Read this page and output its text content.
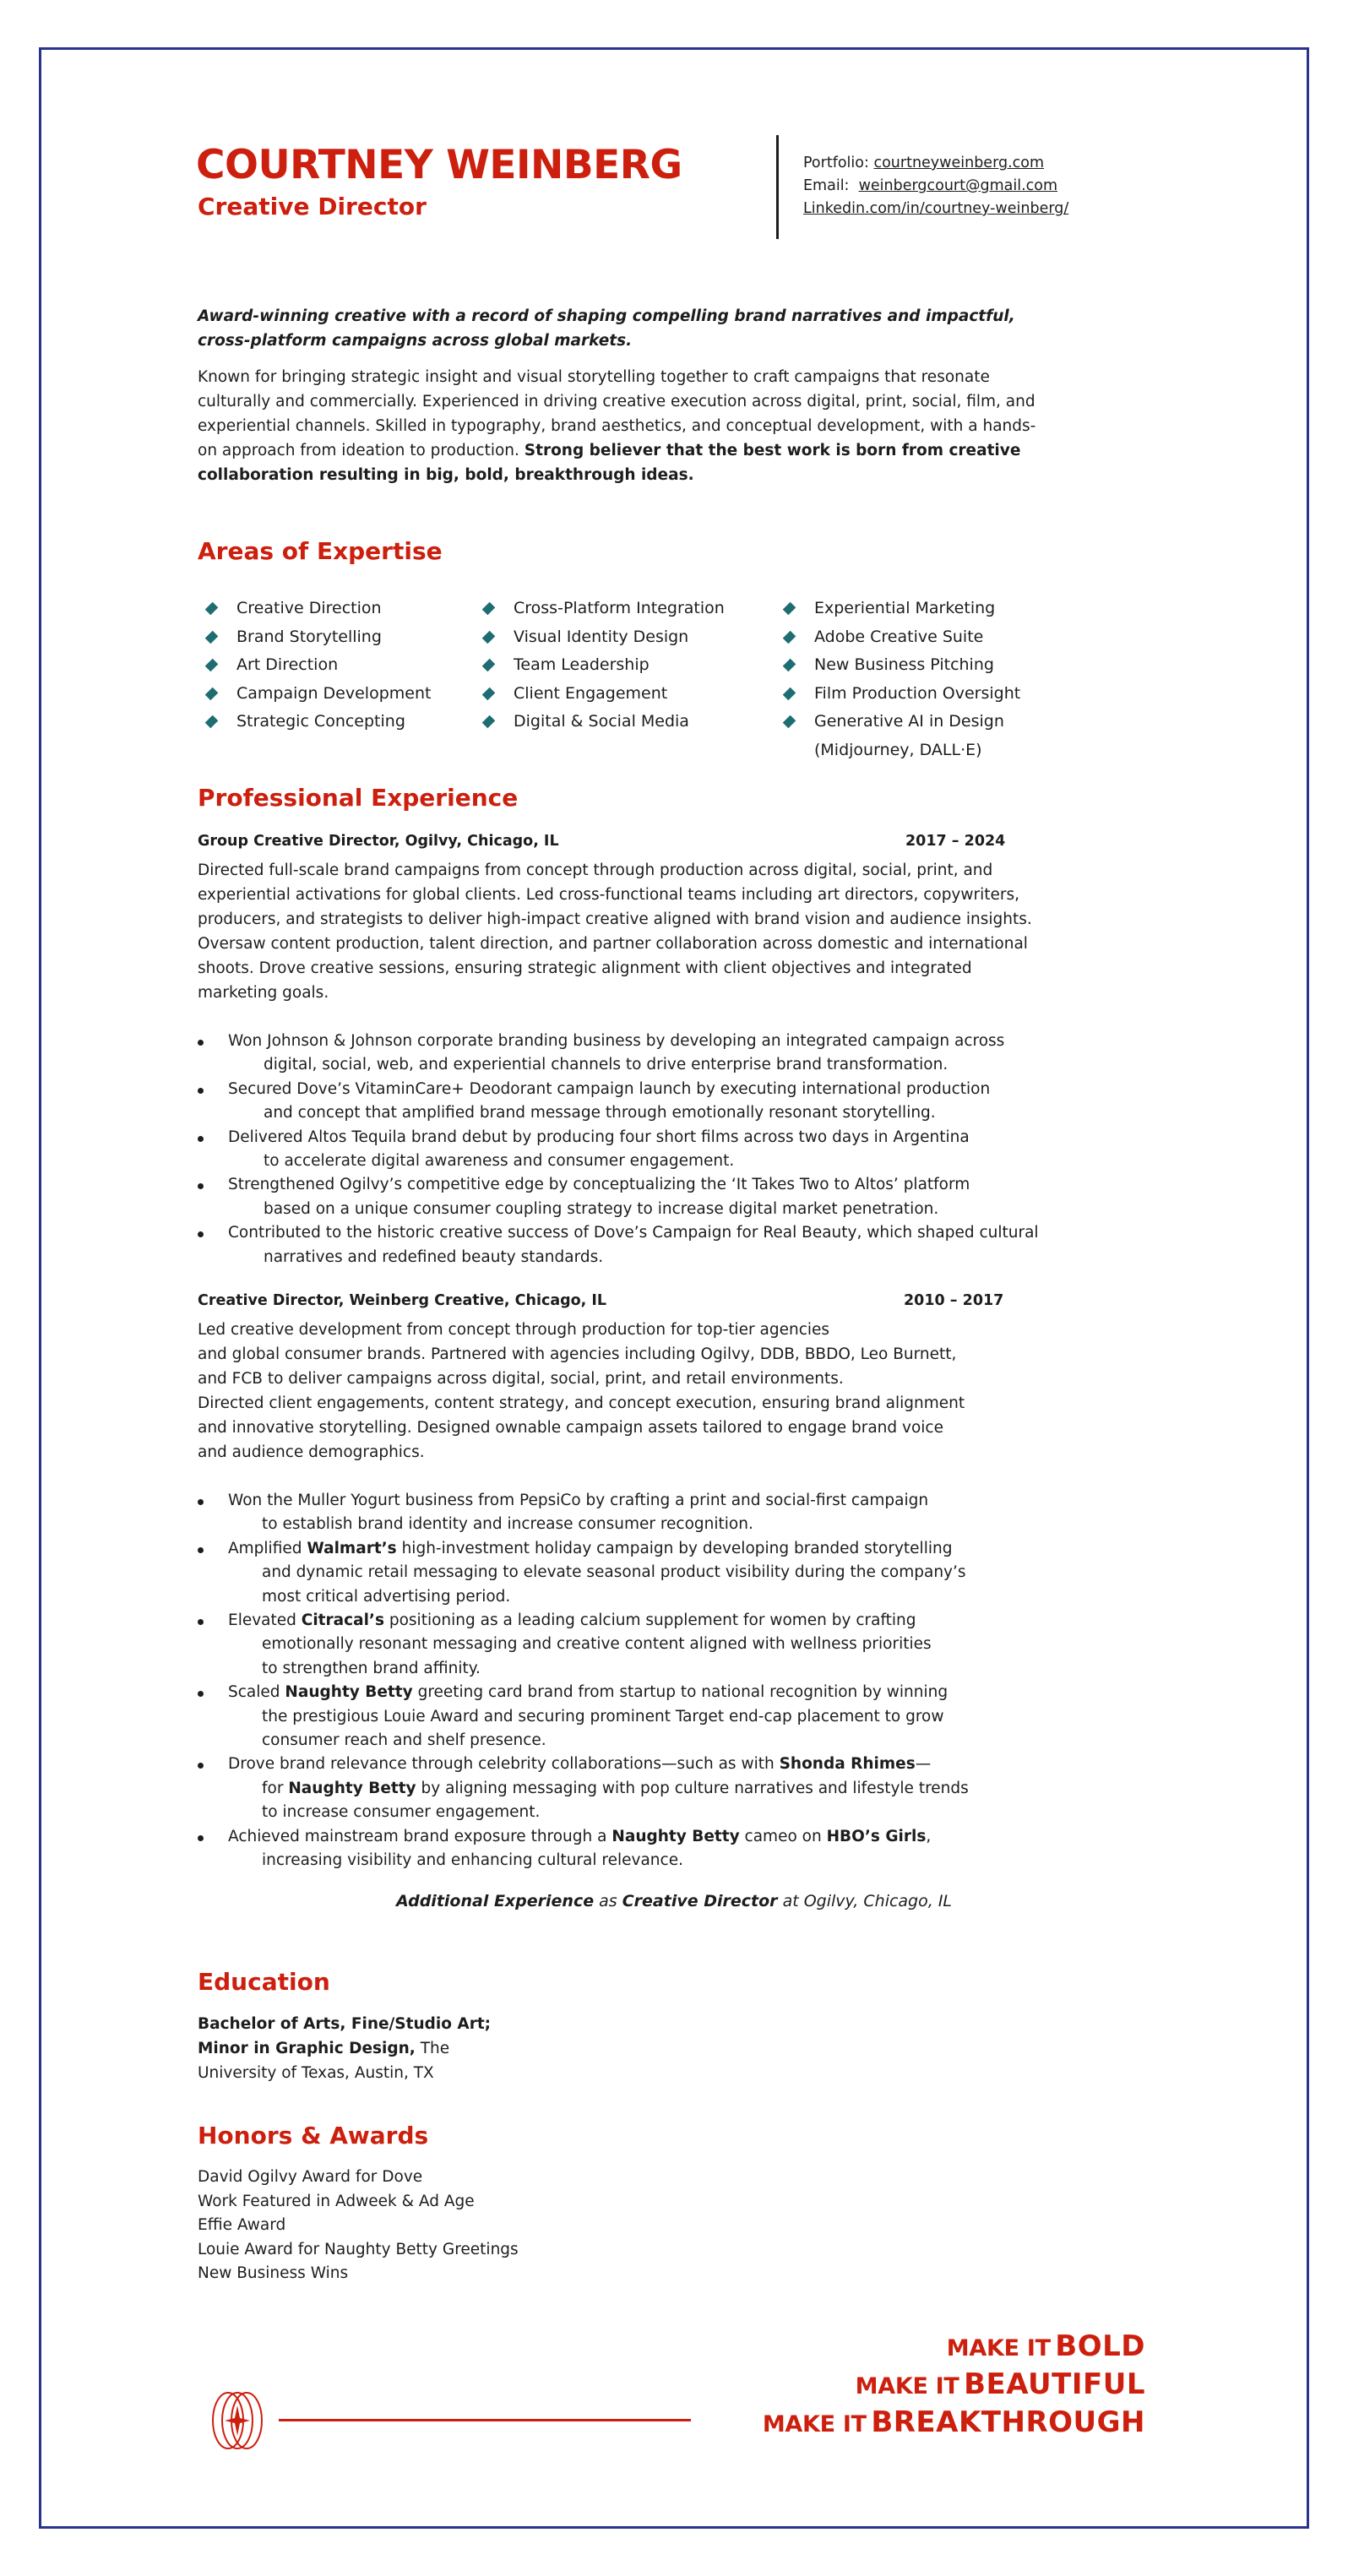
COURTNEY WEINBERG
Creative Director
Portfolio: courtneyweinberg.com
Email: weinbergcourt@gmail.com
Linkedin.com/in/courtney-weinberg/
Award-winning creative with a record of shaping compelling brand narratives and impactful, cross-platform campaigns across global markets.
Known for bringing strategic insight and visual storytelling together to craft campaigns that resonate culturally and commercially. Experienced in driving creative execution across digital, print, social, film, and experiential channels. Skilled in typography, brand aesthetics, and conceptual development, with a hands-on approach from ideation to production. Strong believer that the best work is born from creative collaboration resulting in big, bold, breakthrough ideas.
Areas of Expertise
Creative Direction
Brand Storytelling
Art Direction
Campaign Development
Strategic Concepting
Cross-Platform Integration
Visual Identity Design
Team Leadership
Client Engagement
Digital & Social Media
Experiential Marketing
Adobe Creative Suite
New Business Pitching
Film Production Oversight
Generative AI in Design
(Midjourney, DALL·E)
Professional Experience
Group Creative Director, Ogilvy, Chicago, IL	2017 – 2024
Directed full-scale brand campaigns from concept through production across digital, social, print, and experiential activations for global clients. Led cross-functional teams including art directors, copywriters, producers, and strategists to deliver high-impact creative aligned with brand vision and audience insights. Oversaw content production, talent direction, and partner collaboration across domestic and international shoots. Drove creative sessions, ensuring strategic alignment with client objectives and integrated marketing goals.
Won Johnson & Johnson corporate branding business by developing an integrated campaign across
digital, social, web, and experiential channels to drive enterprise brand transformation.
Secured Dove’s VitaminCare+ Deodorant campaign launch by executing international production
and concept that amplified brand message through emotionally resonant storytelling.
Delivered Altos Tequila brand debut by producing four short films across two days in Argentina
to accelerate digital awareness and consumer engagement.
Strengthened Ogilvy’s competitive edge by conceptualizing the ‘It Takes Two to Altos’ platform
based on a unique consumer coupling strategy to increase digital market penetration.
Contributed to the historic creative success of Dove’s Campaign for Real Beauty, which shaped cultural
narratives and redefined beauty standards.
Creative Director, Weinberg Creative, Chicago, IL	2010 – 2017
Led creative development from concept through production for top-tier agencies
and global consumer brands. Partnered with agencies including Ogilvy, DDB, BBDO, Leo Burnett,
and FCB to deliver campaigns across digital, social, print, and retail environments.
Directed client engagements, content strategy, and concept execution, ensuring brand alignment
and innovative storytelling. Designed ownable campaign assets tailored to engage brand voice
and audience demographics.
Won the Muller Yogurt business from PepsiCo by crafting a print and social-first campaign
to establish brand identity and increase consumer recognition.
Amplified Walmart’s high-investment holiday campaign by developing branded storytelling
and dynamic retail messaging to elevate seasonal product visibility during the company’s
most critical advertising period.
Elevated Citracal’s positioning as a leading calcium supplement for women by crafting
emotionally resonant messaging and creative content aligned with wellness priorities
to strengthen brand affinity.
Scaled Naughty Betty greeting card brand from startup to national recognition by winning
the prestigious Louie Award and securing prominent Target end-cap placement to grow
consumer reach and shelf presence.
Drove brand relevance through celebrity collaborations—such as with Shonda Rhimes—
for Naughty Betty by aligning messaging with pop culture narratives and lifestyle trends
to increase consumer engagement.
Achieved mainstream brand exposure through a Naughty Betty cameo on HBO’s Girls,
increasing visibility and enhancing cultural relevance.
Additional Experience as Creative Director at Ogilvy, Chicago, IL
Education
Bachelor of Arts, Fine/Studio Art;
Minor in Graphic Design, The
University of Texas, Austin, TX
Honors & Awards
David Ogilvy Award for Dove
Work Featured in Adweek & Ad Age
Effie Award
Louie Award for Naughty Betty Greetings
New Business Wins
MAKE IT BOLD
MAKE IT BEAUTIFUL
MAKE IT BREAKTHROUGH
